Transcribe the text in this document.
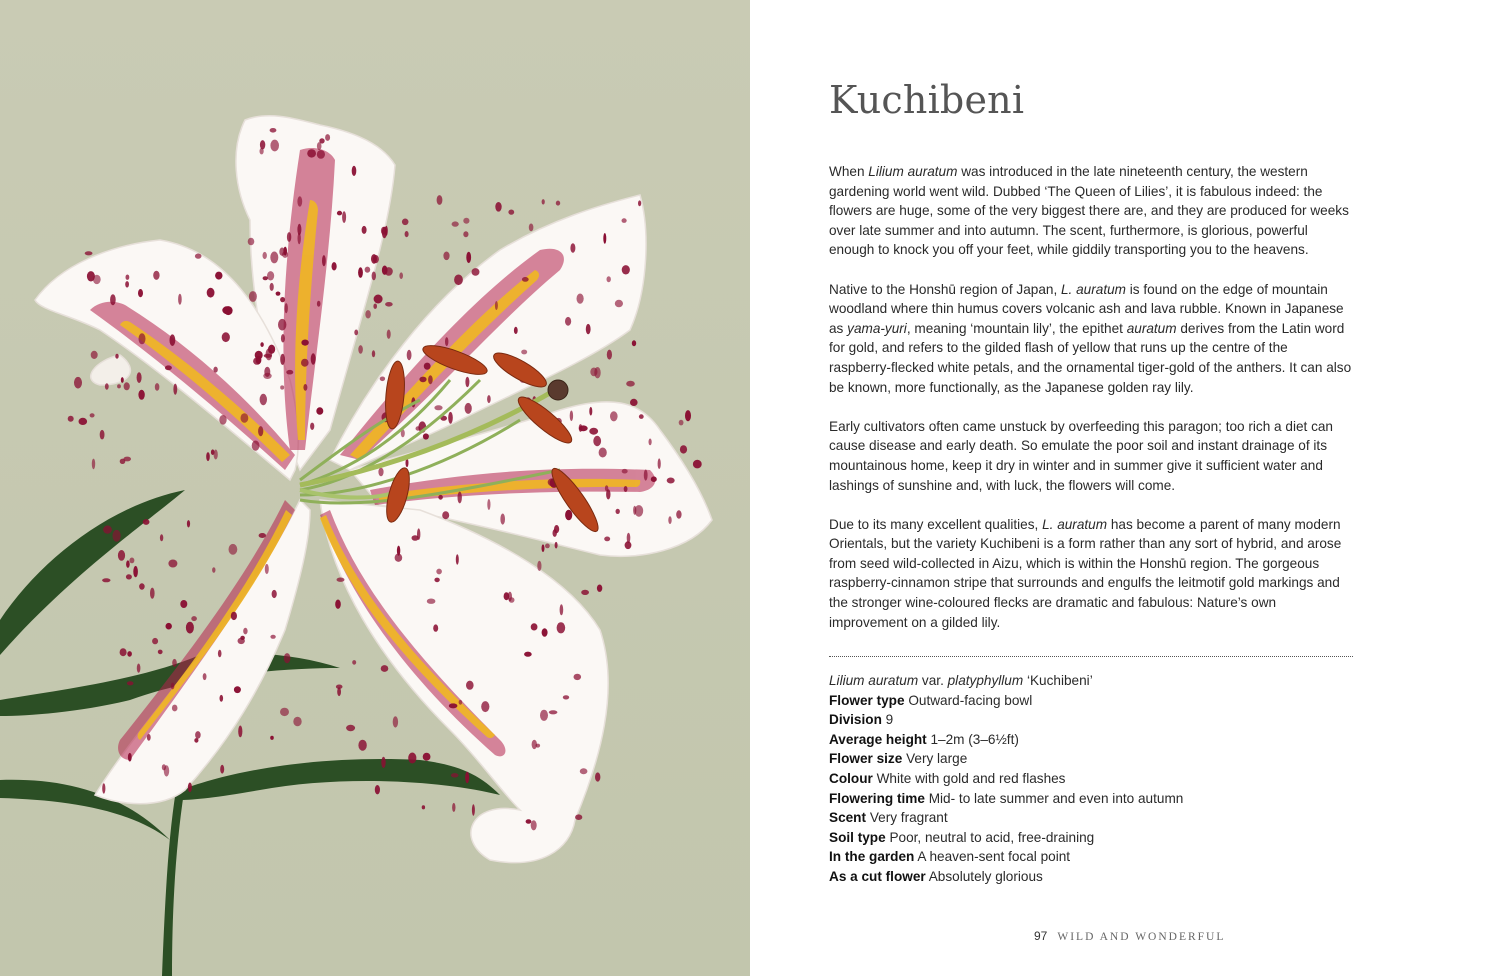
Kuchibeni

When Lilium auratum was introduced in the late nineteenth century, the western gardening world went wild. Dubbed ‘The Queen of Lilies’, it is fabulous indeed: the flowers are huge, some of the very biggest there are, and they are produced for weeks over late summer and into autumn. The scent, furthermore, is glorious, powerful enough to knock you off your feet, while giddily transporting you to the heavens.

Native to the Honshū region of Japan, L. auratum is found on the edge of mountain woodland where thin humus covers volcanic ash and lava rubble. Known in Japanese as yama-yuri, meaning ‘mountain lily’, the epithet auratum derives from the Latin word for gold, and refers to the gilded flash of yellow that runs up the centre of the raspberry-flecked white petals, and the ornamental tiger-gold of the anthers. It can also be known, more functionally, as the Japanese golden ray lily.

Early cultivators often came unstuck by overfeeding this paragon; too rich a diet can cause disease and early death. So emulate the poor soil and instant drainage of its mountainous home, keep it dry in winter and in summer give it sufficient water and lashings of sunshine and, with luck, the flowers will come.

Due to its many excellent qualities, L. auratum has become a parent of many modern Orientals, but the variety Kuchibeni is a form rather than any sort of hybrid, and arose from seed wild-collected in Aizu, which is within the Honshū region. The gorgeous raspberry-cinnamon stripe that surrounds and engulfs the leitmotif gold markings and the stronger wine-coloured flecks are dramatic and fabulous: Nature’s own improvement on a gilded lily.

Lilium auratum var. platyphyllum ‘Kuchibeni’
Flower type Outward-facing bowl
Division 9
Average height 1–2m (3–6½ft)
Flower size Very large
Colour White with gold and red flashes
Flowering time Mid- to late summer and even into autumn
Scent Very fragrant
Soil type Poor, neutral to acid, free-draining
In the garden A heaven-sent focal point
As a cut flower Absolutely glorious
97 WILD AND WONDERFUL
